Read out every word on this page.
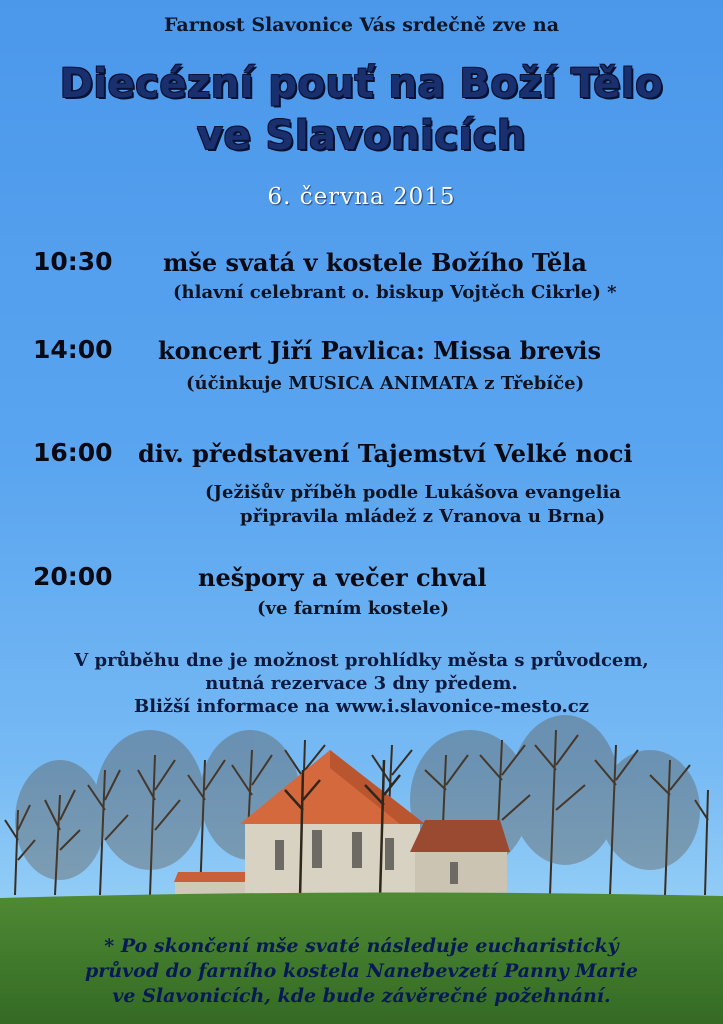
Farnost Slavonice Vás srdečně zve na
Diecézní pouť na Boží Tělo
ve Slavonicích
6. června 2015
10:30 mše svatá v kostele Božího Těla
(hlavní celebrant o. biskup Vojtěch Cikrle) *
14:00 koncert Jiří Pavlica: Missa brevis
(účinkuje MUSICA ANIMATA z Třebíče)
16:00 div. představení Tajemství Velké noci
(Ježišův příběh podle Lukášova evangelia
připravila mládež z Vranova u Brna)
20:00	nešpory a večer chval
(ve farním kostele)
V průběhu dne je možnost prohlídky města s průvodcem,
nutná rezervace 3 dny předem.
Bližší informace na www.i.slavonice-mesto.cz
* Po skončení mše svaté následuje eucharistický
průvod do farního kostela Nanebevzetí Panny Marie
ve Slavonicích, kde bude závěrečné požehnání.
